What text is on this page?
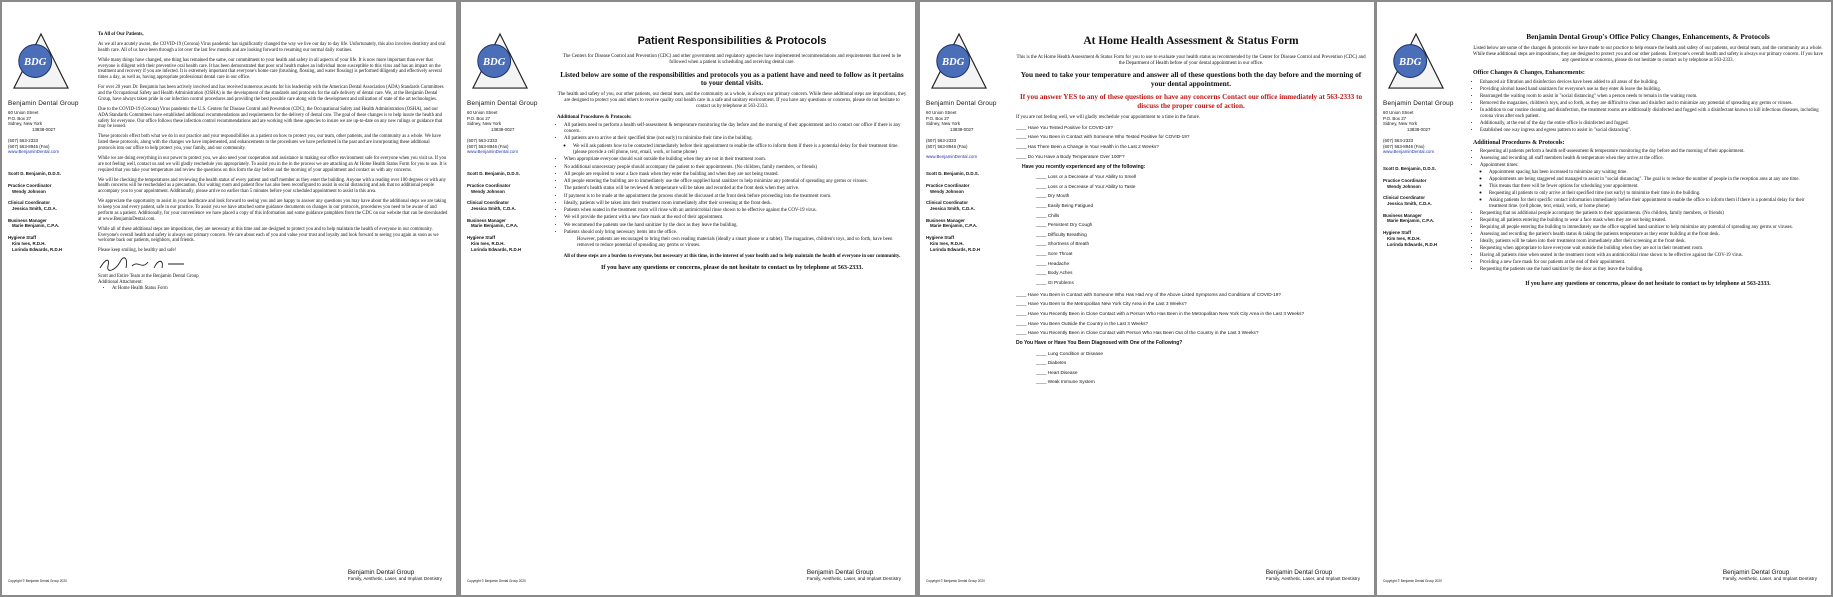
BDG
Benjamin Dental Group
60 Union Street
P.O. Box 27
Sidney, New York
13838-0027
(607) 563-2333
(607) 563-8946 (Fax)
www.BenjaminDental.com
Scott D. Benjamin, D.D.S.
Practice Coordinator
Wendy Johnson
Clinical Coordinator
Jessica Smith, C.D.A.
Business Manager
Marie Benjamin, C.P.A.
Hygiene Staff
Kim Ives, R.D.H.
Lorinda Edwards, R.D.H

To All of Our Patients,

As we all are acutely aware, the COVID-19 (Corona) Virus pandemic has significantly changed the way we live our day to day life. Unfortunately, this also involves dentistry and oral health care. All of us have been through a lot over the last few months and are looking forward to resuming our normal daily routines.

While many things have changed, one thing has remained the same, our commitment to your health and safety in all aspects of your life. It is now more important than ever that everyone is diligent with their preventive oral health care. It has been demonstrated that poor oral health makes an individual more susceptible to this virus and has an impact on the treatment and recovery if you are infected. It is extremely important that everyone's home care (brushing, flossing, and water flossing) is performed diligently and effectively several times a day, as well as, having appropriate professional dental care in our office.

For over 20 years Dr. Benjamin has been actively involved and has received numerous awards for his leadership with the American Dental Association (ADA) Standards Committees and the Occupational Safety and Health Administration (OSHA) in the development of the standards and protocols for the safe delivery of dental care. We, at the Benjamin Dental Group, have always taken pride in our infection control procedures and providing the best possible care along with the development and utilization of state of the art technologies.

Due to the COVID-19 (Corona) Virus pandemic the U.S. Centers for Disease Control and Prevention (CDC), the Occupational Safety and Health Administration (OSHA), and our ADA Standards Committees have established additional recommendations and requirements for the delivery of dental care. The goal of these changes is to help insure the health and safety for everyone. Our office follows these infection control recommendations and are working with these agencies to insure we are up-to-date on any new rulings or guidance that may be issued.

These protocols effect both what we do in our practice and your responsibilities as a patient on how to protect you, our team, other patients, and the community as a whole. We have listed these protocols, along with the changes we have implemented, and enhancements to the procedures we have performed in the past and are incorporating these additional protocols into our office to help protect you, your family, and our community.

While we are doing everything in our power to protect you, we also need your cooperation and assistance in making our office environment safe for everyone when you visit us. If you are not feeling well, contact us and we will gladly reschedule you appropriately. To assist you in the in the process we are attaching an At Home Health Status Form for you to use. It is required that you take your temperature and review the questions on this form the day before and the morning of your appointment and contact us with any concerns.

We will be checking the temperatures and reviewing the health status of every patient and staff member as they enter the building. Anyone with a reading over 100 degrees or with any health concerns will be rescheduled as a precaution. Our waiting room and patient flow has also been reconfigured to assist in social distancing and ask that no additional people accompany you to your appointment. Additionally, please arrive no earlier than 5 minutes before your scheduled appointment to assist in this area.

We appreciate the opportunity to assist in your healthcare and look forward to seeing you and are happy to answer any questions you may have about the additional steps we are taking to keep you and every patient, safe in our practice. To assist you we have attached some guidance documents on changes in our protocols, procedures you need to be aware of and perform as a patient. Additionally, for your convenience we have placed a copy of this information and some guidance pamphlets from the CDC on our website that can be downloaded at www.BenjaminDental.com.

While all of these additional steps are impositions, they are necessary at this time and are designed to protect you and to help maintain the health of everyone in our community. Everyone's overall health and safety is always our primary concern. We care about each of you and value your trust and loyalty and look forward to seeing you again as soon as we welcome back our patients, neighbors, and friends.

Please keep smiling, be healthy and safe!

Scott and Entire Team at the Benjamin Dental Group
Additional Attachment:
• At Home Health Status Form
Copyright © Benjamin Dental Group 2020
Benjamin Dental Group
Family, Aesthetic, Laser, and Implant Dentistry
BDG
Benjamin Dental Group
60 Union Street
P.O. Box 27
Sidney, New York
13838-0027
(607) 563-2333
(607) 563-8946 (Fax)
www.BenjaminDental.com
Scott D. Benjamin, D.D.S.
Practice Coordinator
Wendy Johnson
Clinical Coordinator
Jessica Smith, C.D.A.
Business Manager
Marie Benjamin, C.P.A.
Hygiene Staff
Kim Ives, R.D.H.
Lorinda Edwards, R.D.H
Patient Responsibilities & Protocols

The Centers for Disease Control and Prevention (CDC) and other government and regulatory agencies have implemented recommendations and requirements that need to be followed when a patient is scheduling and receiving dental care.

Listed below are some of the responsibilities and protocols you as a patient have and need to follow as it pertains to your dental visits.

The health and safety of you, our other patients, our dental team, and the community as a whole, is always our primary concern. While these additional steps are impositions, they are designed to protect you and others to receive quality oral health care in a safe and sanitary environment. If you have any questions or concerns, please do not hesitate to contact us by telephone at 563-2333.

Additional Procedures & Protocols:
• All patients need to perform a health self-assessment & temperature monitoring the day before and the morning of their appointment and to contact our office if there is any concern.
• All patients are to arrive at their specified time (not early) to minimize their time in the building.
◦ We will ask patients how to be contacted immediately before their appointment to enable the office to inform them if there is a potential delay for their treatment time. (please provide a cell phone, text, email, work, or home phone)
• When appropriate everyone should wait outside the building when they are not in their treatment room.
• No additional unnecessary people should accompany the patient to their appointments. (No children, family members, or friends)
• All people are required to wear a face mask when they enter the building and when they are not being treated.
• All people entering the building are to immediately use the office supplied hand sanitizer to help minimize any potential of spreading any germs or viruses.
• The patient's health status will be reviewed & temperature will be taken and recorded at the front desk when they arrive.
• If payment is to be made at the appointment the process should be discussed at the front desk before proceeding into the treatment room.
• Ideally, patients will be taken into their treatment room immediately after their screening at the front desk.
• Patients when seated in the treatment room will rinse with an antimicrobial rinse shown to be effective against the COV-19 virus.
• We will provide the patient with a new face mask at the end of their appointment.
• We recommend the patients use the hand sanitizer by the door as they leave the building.
• Patients should only bring necessary items into the office.

However, patients are encouraged to bring their own reading materials (ideally a smart phone or a tablet). The magazines, children's toys, and so forth, have been removed to reduce potential of spreading any germs or viruses.

All of these steps are a burden to everyone, but necessary at this time, in the interest of your health and to help maintain the health of everyone in our community.

If you have any questions or concerns, please do not hesitate to contact us by telephone at 563-2333.

Copyright © Benjamin Dental Group 2020
Benjamin Dental Group
Family, Aesthetic, Laser, and Implant Dentistry
BDG
Benjamin Dental Group
60 Union Street
P.O. Box 27
Sidney, New York
13838-0027
(607) 563-2333
(607) 563-8946 (Fax)
www.BenjaminDental.com
Scott D. Benjamin, D.D.S.
Practice Coordinator
Wendy Johnson
Clinical Coordinator
Jessica Smith, C.D.A.
Business Manager
Marie Benjamin, C.P.A.
Hygiene Staff
Kim Ives, R.D.H.
Lorinda Edwards, R.D.H
At Home Health Assessment & Status Form

This is the At Home Health Assessment & Status Form for you to use to evaluate your health status as recommended by the Center for Disease Control and Prevention (CDC) and the Department of Health before of your dental appointment in our office.

You need to take your temperature and answer all of these questions both the day before and the morning of your dental appointment.

If you answer YES to any of these questions or have any concerns Contact our office immediately at 563-2333 to discuss the proper course of action.

If you are not feeling well, we will gladly reschedule your appointment to a time in the future.

____ Have You Tested Positive for COVID-19?
____ Have You Been in Contact with Someone Who Tested Positive for COVID-19?
____ Has There Been a Change in Your Health in the Last 2 Weeks?
____ Do You Have a Body Temperature Over 100F?
Have you recently experienced any of the following:
____ Loss or a Decrease of Your Ability to Smell
____ Loss or a Decrease of Your Ability to Taste
____ Dry Mouth
____ Easily Being Fatigued
____ Chills
____ Persistent Dry Cough
____ Difficulty Breathing
____ Shortness of Breath
____ Sore Throat
____ Headache
____ Body Aches
____ GI Problems
____ Have You Been in Contact with Someone Who Has Had Any of the Above Listed Symptoms and Conditions of COVID-19?
____ Have You Been to the Metropolitan New York City Area in the Last 3 Weeks?
____ Have You Recently Been in Close Contact with a Person Who Has Been in the Metropolitan New York City Area in the Last 3 Weeks?
____ Have You Been Outside the Country in the Last 3 Weeks?
____ Have You Recently Been in Close Contact with Person Who Has Been Out of the Country in the Last 3 Weeks?
Do You Have or Have You Been Diagnosed with One of the Following?
____ Lung Condition or Disease
____ Diabetes
____ Heart Disease
____ Weak Immune System
Copyright © Benjamin Dental Group 2020
Benjamin Dental Group
Family, Aesthetic, Laser, and Implant Dentistry
BDG
Benjamin Dental Group
60 Union Street
P.O. Box 27
Sidney, New York
13838-0027
(607) 563-2333
(607) 563-8946 (Fax)
www.BenjaminDental.com
Scott D. Benjamin, D.D.S.
Practice Coordinator
Wendy Johnson
Clinical Coordinator
Jessica Smith, C.D.A.
Business Manager
Marie Benjamin, C.P.A.
Hygiene Staff
Kim Ives, R.D.H.
Lorinda Edwards, R.D.H
Benjamin Dental Group's Office Policy Changes, Enhancements, & Protocols

Listed below are some of the changes & protocols we have made to our practice to help ensure the health and safety of our patients, our dental team, and the community as a whole. While these additional steps are impositions, they are designed to protect you and our other patients. Everyone's overall health and safety is always our primary concern. If you have any questions or concerns, please do not hesitate to contact us by telephone at 563-2333.

Office Changes & Changes, Enhancements:
• Enhanced air filtration and disinfection devices have been added to all areas of the building.
• Providing alcohol based hand sanitizers for everyone's use as they enter & leave the building.
• Rearranged the waiting room to assist in "social distancing" when a person needs to remain in the waiting room.
• Removed the magazines, children's toys, and so forth, as they are difficult to clean and disinfect and to minimize any potential of spreading any germs or viruses.
• In addition to our routine cleaning and disinfection, the treatment rooms are additionally disinfected and fogged with a disinfectant known to kill infectious diseases, including corona virus after each patient.
• Additionally, at the end of the day the entire office is disinfected and fogged.
• Established one way ingress and egress pattern to assist in "social distancing".
Additional Procedures & Protocols:
• Requesting all patients perform a health self-assessment & temperature monitoring the day before and the morning of their appointment.
• Assessing and recording all staff members health & temperature when they arrive at the office.
• Appointment times:
◦ Appointment spacing has been increased to minimize any waiting time.
◦ Appointments are being staggered and managed to assist in "social distancing". The goal is to reduce the number of people in the reception area at any one time.
◦ This means that there will be fewer options for scheduling your appointment.
◦ Requesting all patients to only arrive at their specified time (not early) to minimize their time in the building.
◦ Asking patients for their specific contact information immediately before their appointment to enable the office to inform them if there is a potential delay for their treatment time. (cell phone, text, email, work, or home phone)
• Requesting that no additional people accompany the patients to their appointments. (No children, family members, or friends)
• Requiring all patients entering the building to wear a face mask when they are not being treated.
• Requiring all people entering the building to immediately use the office supplied hand sanitizer to help minimize any potential of spreading any germs or viruses.
• Assessing and recording the patient's health status & taking the patients temperature as they enter building at the front desk.
• Ideally, patients will be taken into their treatment room immediately after their screening at the front desk.
• Requesting when appropriate to have everyone wait outside the building when they are not in their treatment room.
• Having all patients rinse when seated in the treatment room with an antimicrobial rinse shown to be effective against the COV-19 virus.
• Providing a new face mask for our patients at the end of their appointment.
• Requesting the patients use the hand sanitizer by the door as they leave the building.

If you have any questions or concerns, please do not hesitate to contact us by telephone at 563-2333.

Copyright © Benjamin Dental Group 2020
Benjamin Dental Group
Family, Aesthetic, Laser, and Implant Dentistry
